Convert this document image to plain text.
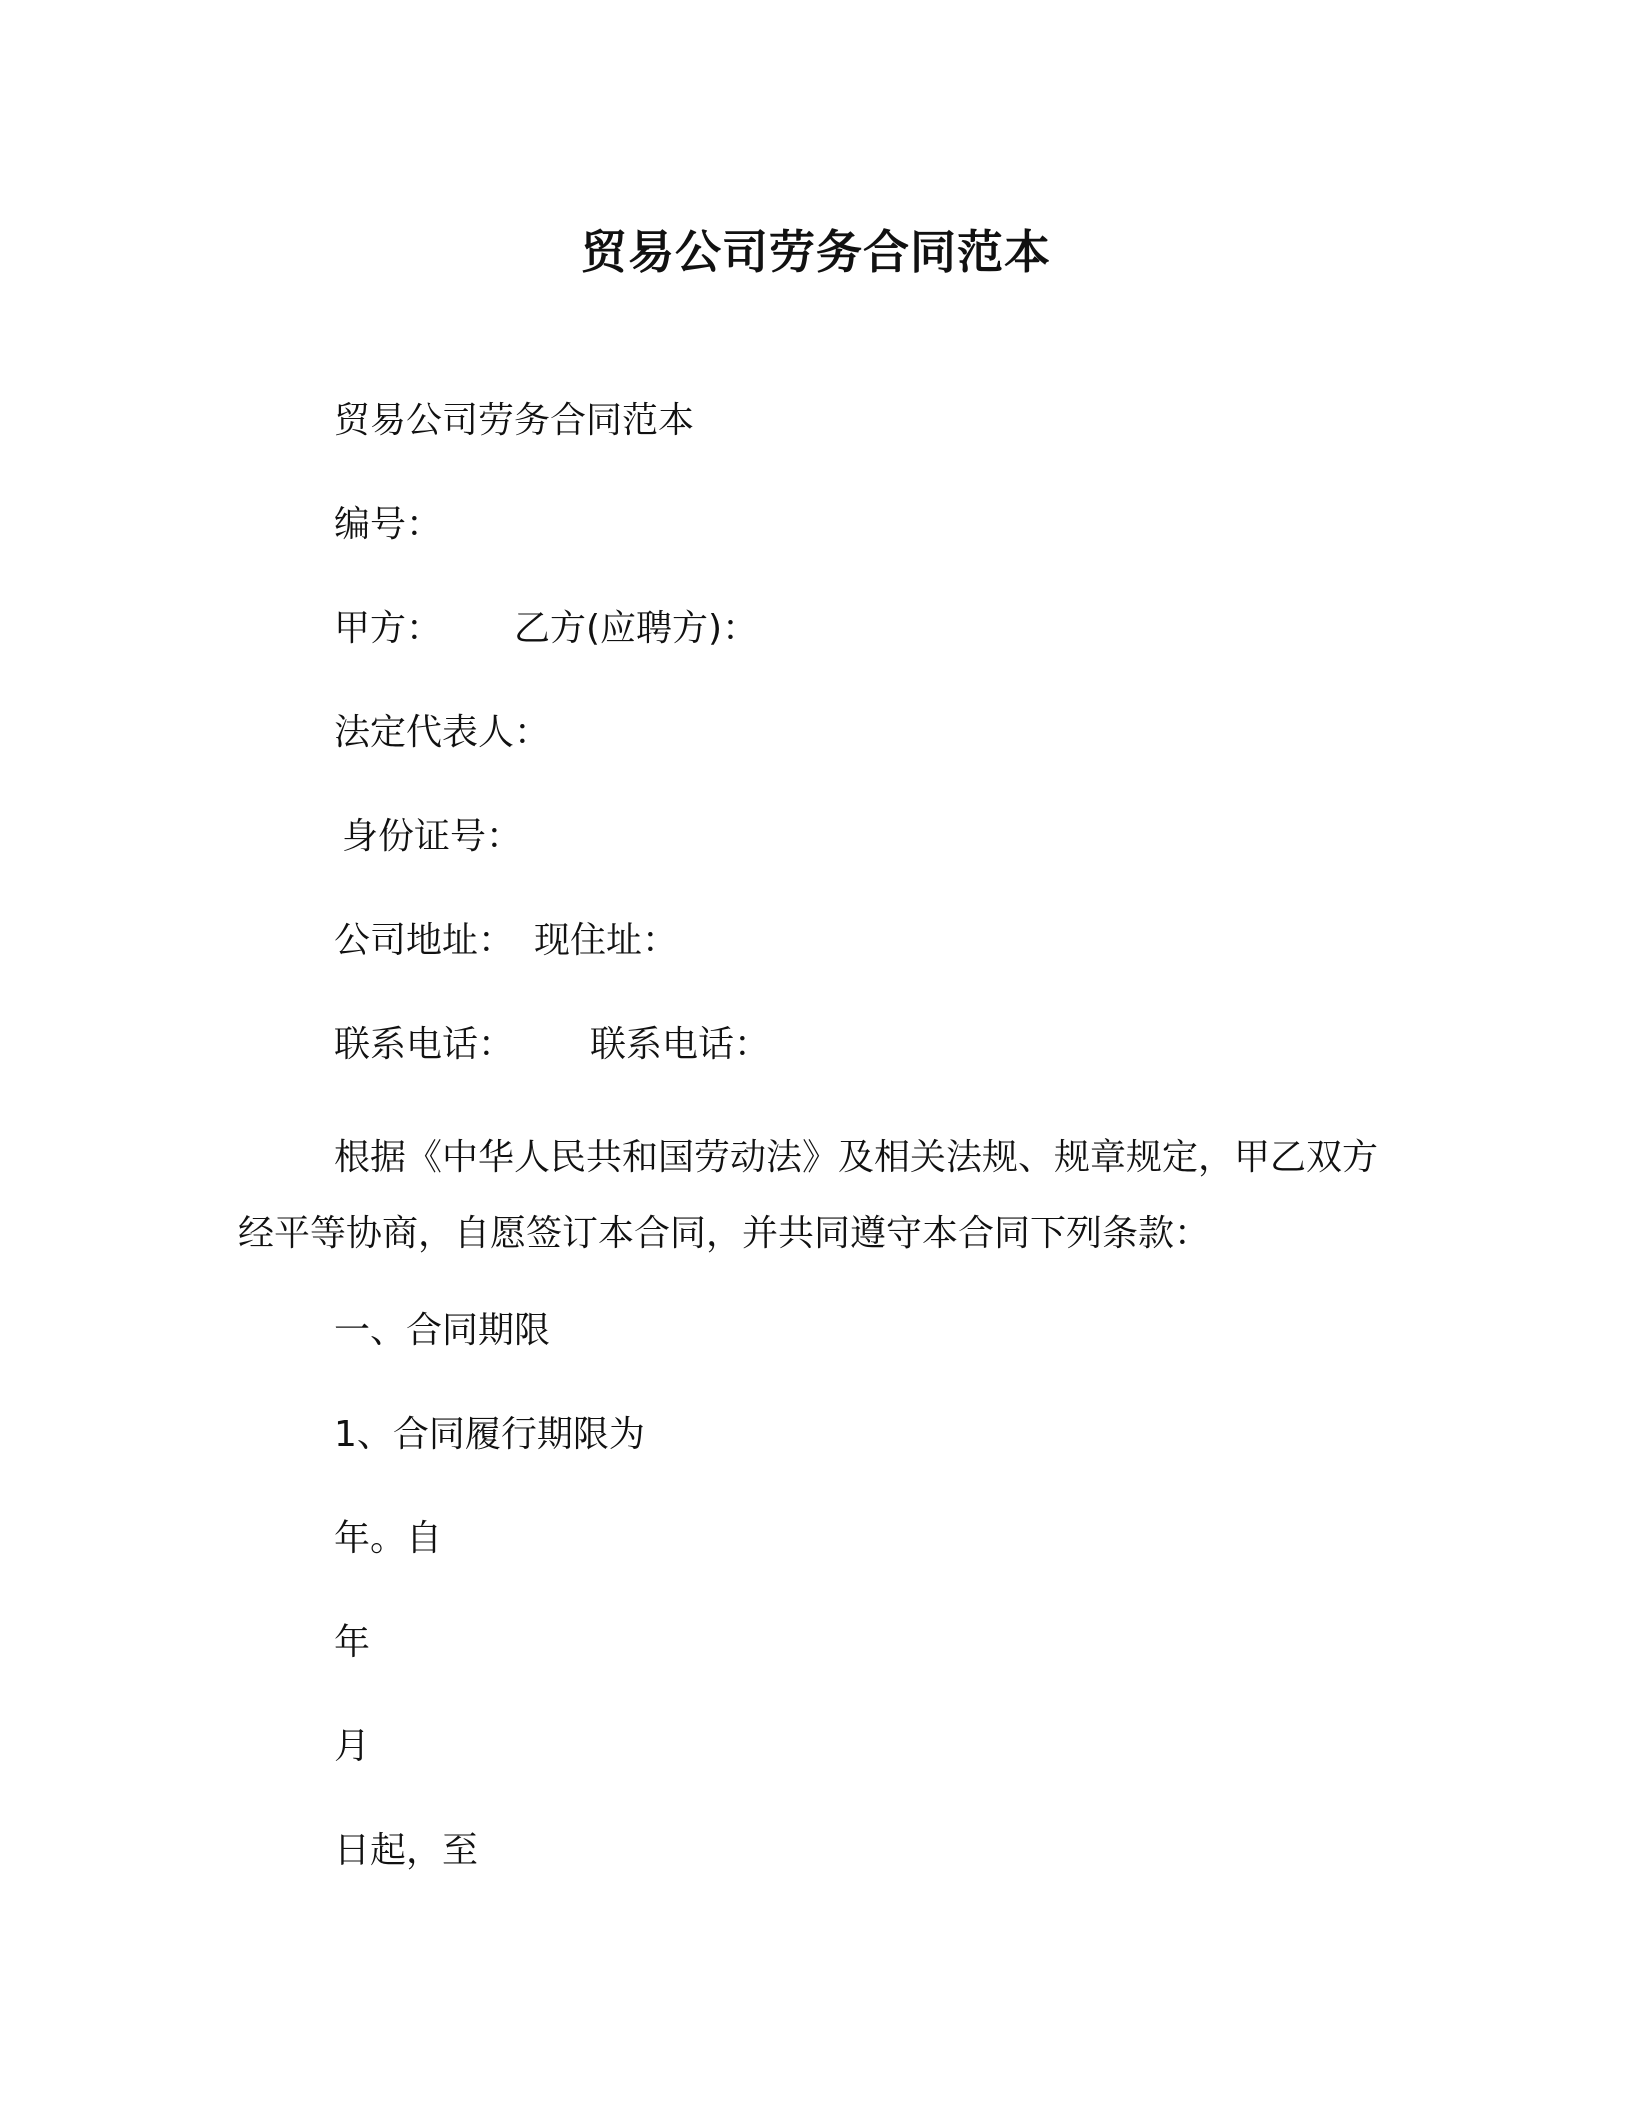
贸易公司劳务合同范本
贸易公司劳务合同范本
编号：
甲方： 乙方(应聘方)：
法定代表人：
身份证号：
公司地址： 现住址：
联系电话： 联系电话：
根据《中华人民共和国劳动法》及相关法规、规章规定，甲乙双方经平等协商，自愿签订本合同，并共同遵守本合同下列条款：
一、合同期限
1、合同履行期限为
年。自
年
月
日起，至
